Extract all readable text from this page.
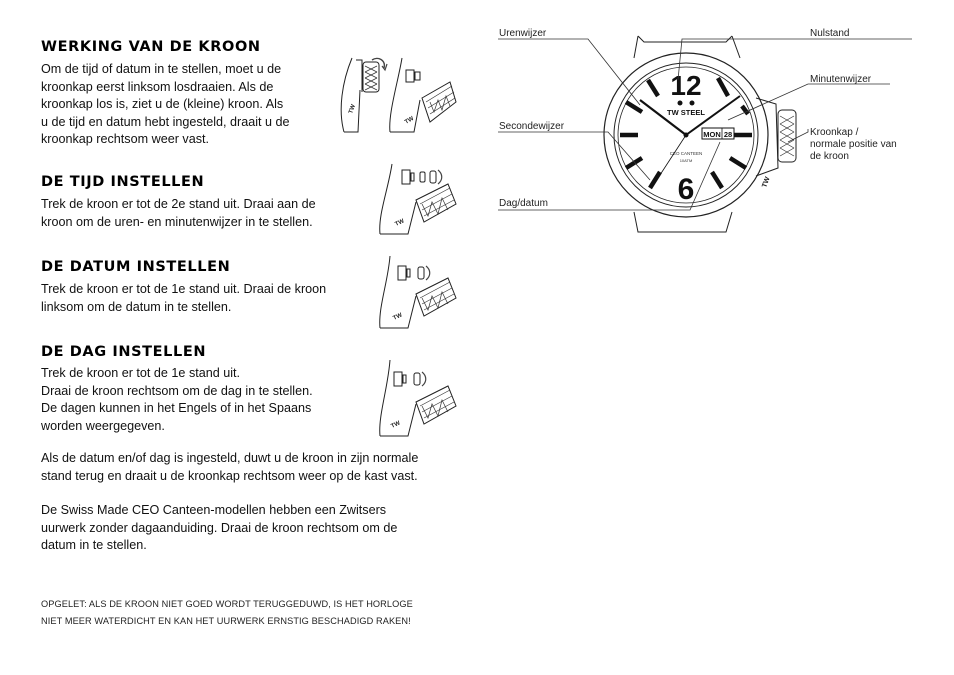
WERKING VAN DE KROON
Om de tijd of datum in te stellen, moet u de
kroonkap eerst linksom losdraaien. Als de
kroonkap los is, ziet u de (kleine) kroon. Als
u de tijd en datum hebt ingesteld, draait u de
kroonkap rechtsom weer vast.
DE TIJD INSTELLEN
Trek de kroon er tot de 2e stand uit. Draai aan de
kroon om de uren- en minutenwijzer in te stellen.
DE DATUM INSTELLEN
Trek de kroon er tot de 1e stand uit. Draai de kroon
linksom om de datum in te stellen.
DE DAG INSTELLEN
Trek de kroon er tot de 1e stand uit.
Draai de kroon rechtsom om de dag in te stellen.
De dagen kunnen in het Engels of in het Spaans
worden weergegeven.
Als de datum en/of dag is ingesteld, duwt u de kroon in zijn normale
stand terug en draait u de kroonkap rechtsom weer op de kast vast.
De Swiss Made CEO Canteen-modellen hebben een Zwitsers
uurwerk zonder dagaanduiding. Draai de kroon rechtsom om de
datum in te stellen.
OPGELET: ALS DE KROON NIET GOED WORDT TERUGGEDUWD, IS HET HORLOGE
NIET MEER WATERDICHT EN KAN HET UURWERK ERNSTIG BESCHADIGD RAKEN!
TW
TW
TW
TW
TW
TW
12
6
TW STEEL
MON 28
CEO CANTEEN
10ATM
Urenwijzer
Secondewijzer
Dag/datum
Nulstand
Minutenwijzer
Kroonkap /
normale positie van
de kroon
